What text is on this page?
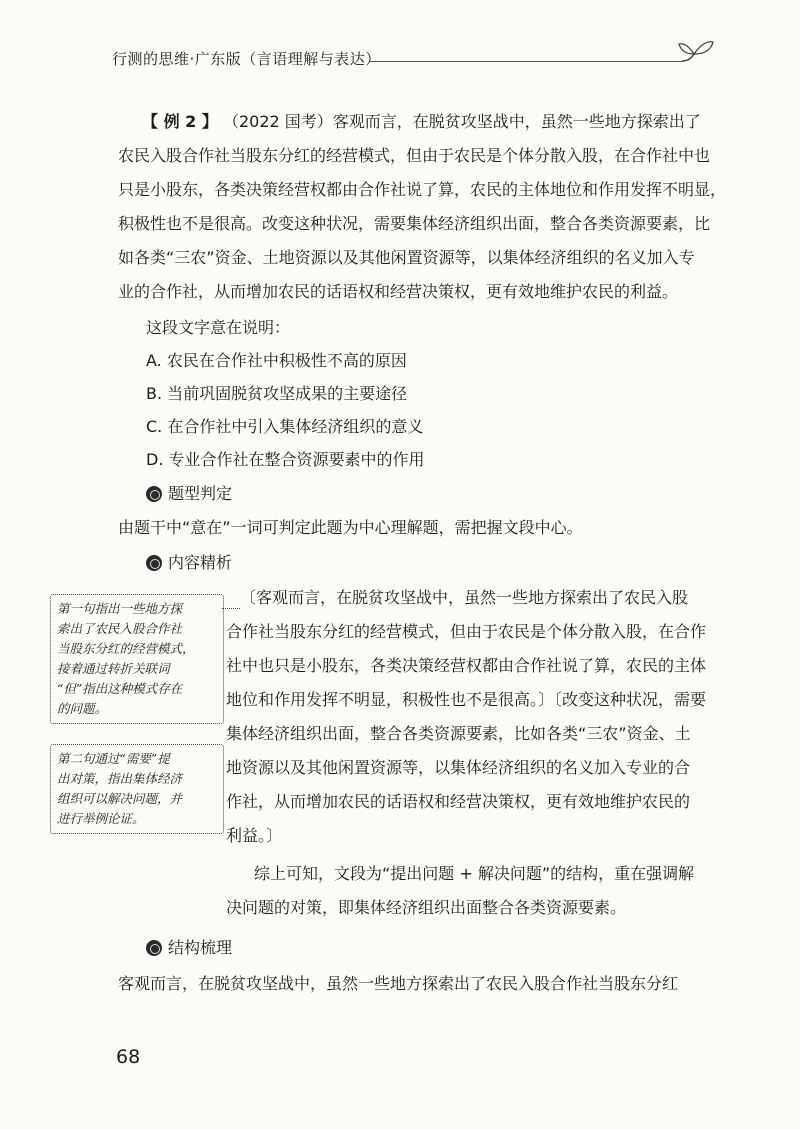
行测的思维·广东版（言语理解与表达）
【 例 2 】 （2022 国考）客观而言，在脱贫攻坚战中，虽然一些地方探索出了
农民入股合作社当股东分红的经营模式，但由于农民是个体分散入股，在合作社中也
只是小股东，各类决策经营权都由合作社说了算，农民的主体地位和作用发挥不明显，
积极性也不是很高。改变这种状况，需要集体经济组织出面，整合各类资源要素，比
如各类“三农”资金、土地资源以及其他闲置资源等，以集体经济组织的名义加入专
业的合作社，从而增加农民的话语权和经营决策权，更有效地维护农民的利益。
这段文字意在说明：
A. 农民在合作社中积极性不高的原因
B. 当前巩固脱贫攻坚成果的主要途径
C. 在合作社中引入集体经济组织的意义
D. 专业合作社在整合资源要素中的作用
题型判定
由题干中“意在”一词可判定此题为中心理解题，需把握文段中心。
内容精析
〔客观而言，在脱贫攻坚战中，虽然一些地方探索出了农民入股
合作社当股东分红的经营模式，但由于农民是个体分散入股，在合作
社中也只是小股东，各类决策经营权都由合作社说了算，农民的主体
地位和作用发挥不明显，积极性也不是很高。〕〔改变这种状况，需要
集体经济组织出面，整合各类资源要素，比如各类“三农”资金、土
地资源以及其他闲置资源等，以集体经济组织的名义加入专业的合
作社，从而增加农民的话语权和经营决策权，更有效地维护农民的
利益。〕
第一句指出一些地方探
索出了农民入股合作社
当股东分红的经营模式，
接着通过转折关联词
“但”指出这种模式存在
的问题。
第二句通过“需要”提
出对策，指出集体经济
组织可以解决问题，并
进行举例论证。
综上可知，文段为“提出问题 + 解决问题”的结构，重在强调解
决问题的对策，即集体经济组织出面整合各类资源要素。
结构梳理
客观而言，在脱贫攻坚战中，虽然一些地方探索出了农民入股合作社当股东分红
68
